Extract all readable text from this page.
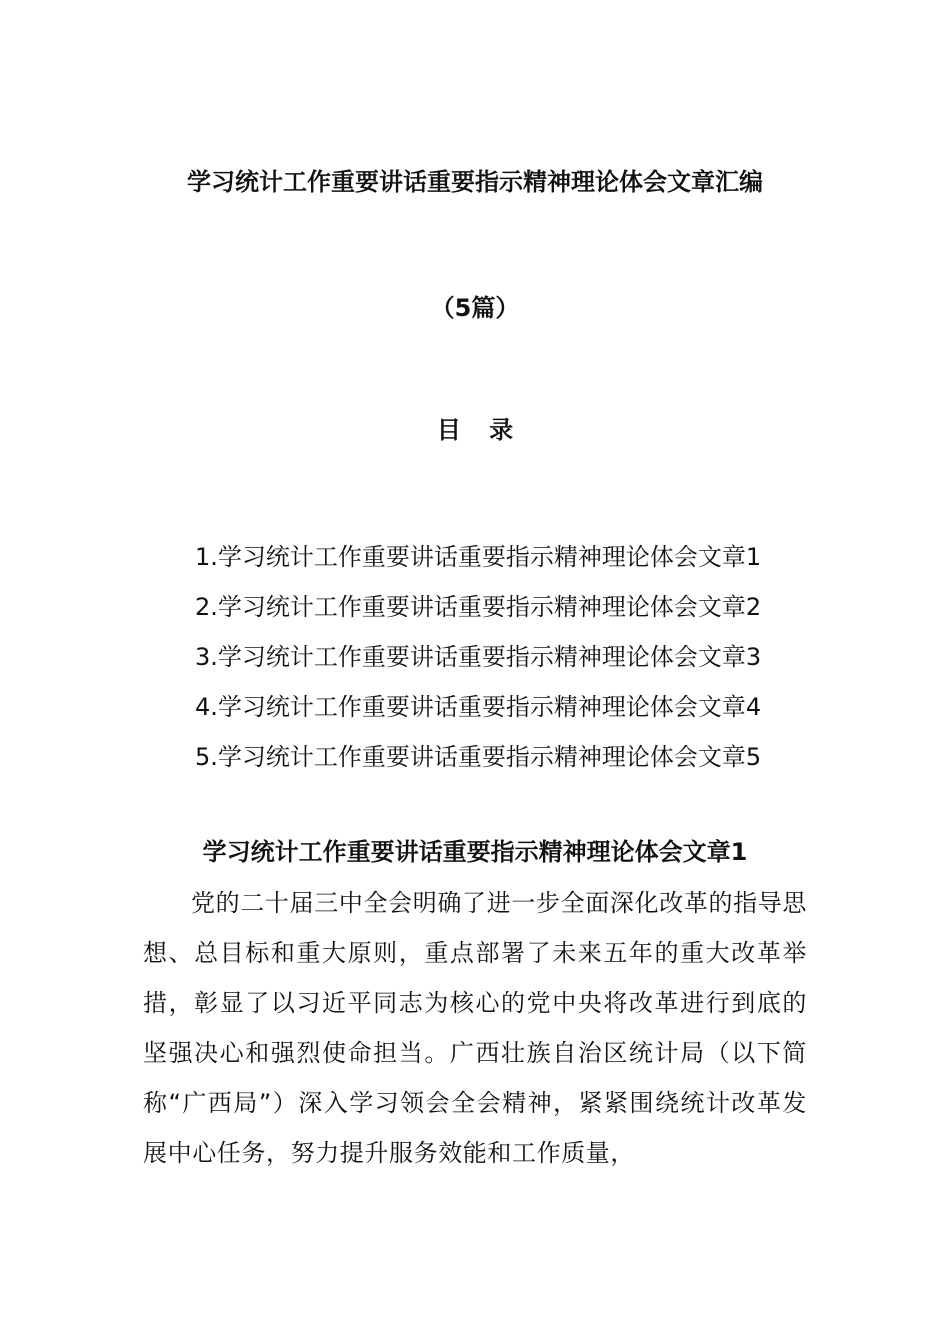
学习统计工作重要讲话重要指示精神理论体会文章汇编
（5篇）
目 录
1.学习统计工作重要讲话重要指示精神理论体会文章1
2.学习统计工作重要讲话重要指示精神理论体会文章2
3.学习统计工作重要讲话重要指示精神理论体会文章3
4.学习统计工作重要讲话重要指示精神理论体会文章4
5.学习统计工作重要讲话重要指示精神理论体会文章5
学习统计工作重要讲话重要指示精神理论体会文章1

党的二十届三中全会明确了进一步全面深化改革的指导思想、总目标和重大原则，重点部署了未来五年的重大改革举措，彰显了以习近平同志为核心的党中央将改革进行到底的坚强决心和强烈使命担当。广西壮族自治区统计局（以下简称“广西局”）深入学习领会全会精神，紧紧围绕统计改革发展中心任务，努力提升服务效能和工作质量，
